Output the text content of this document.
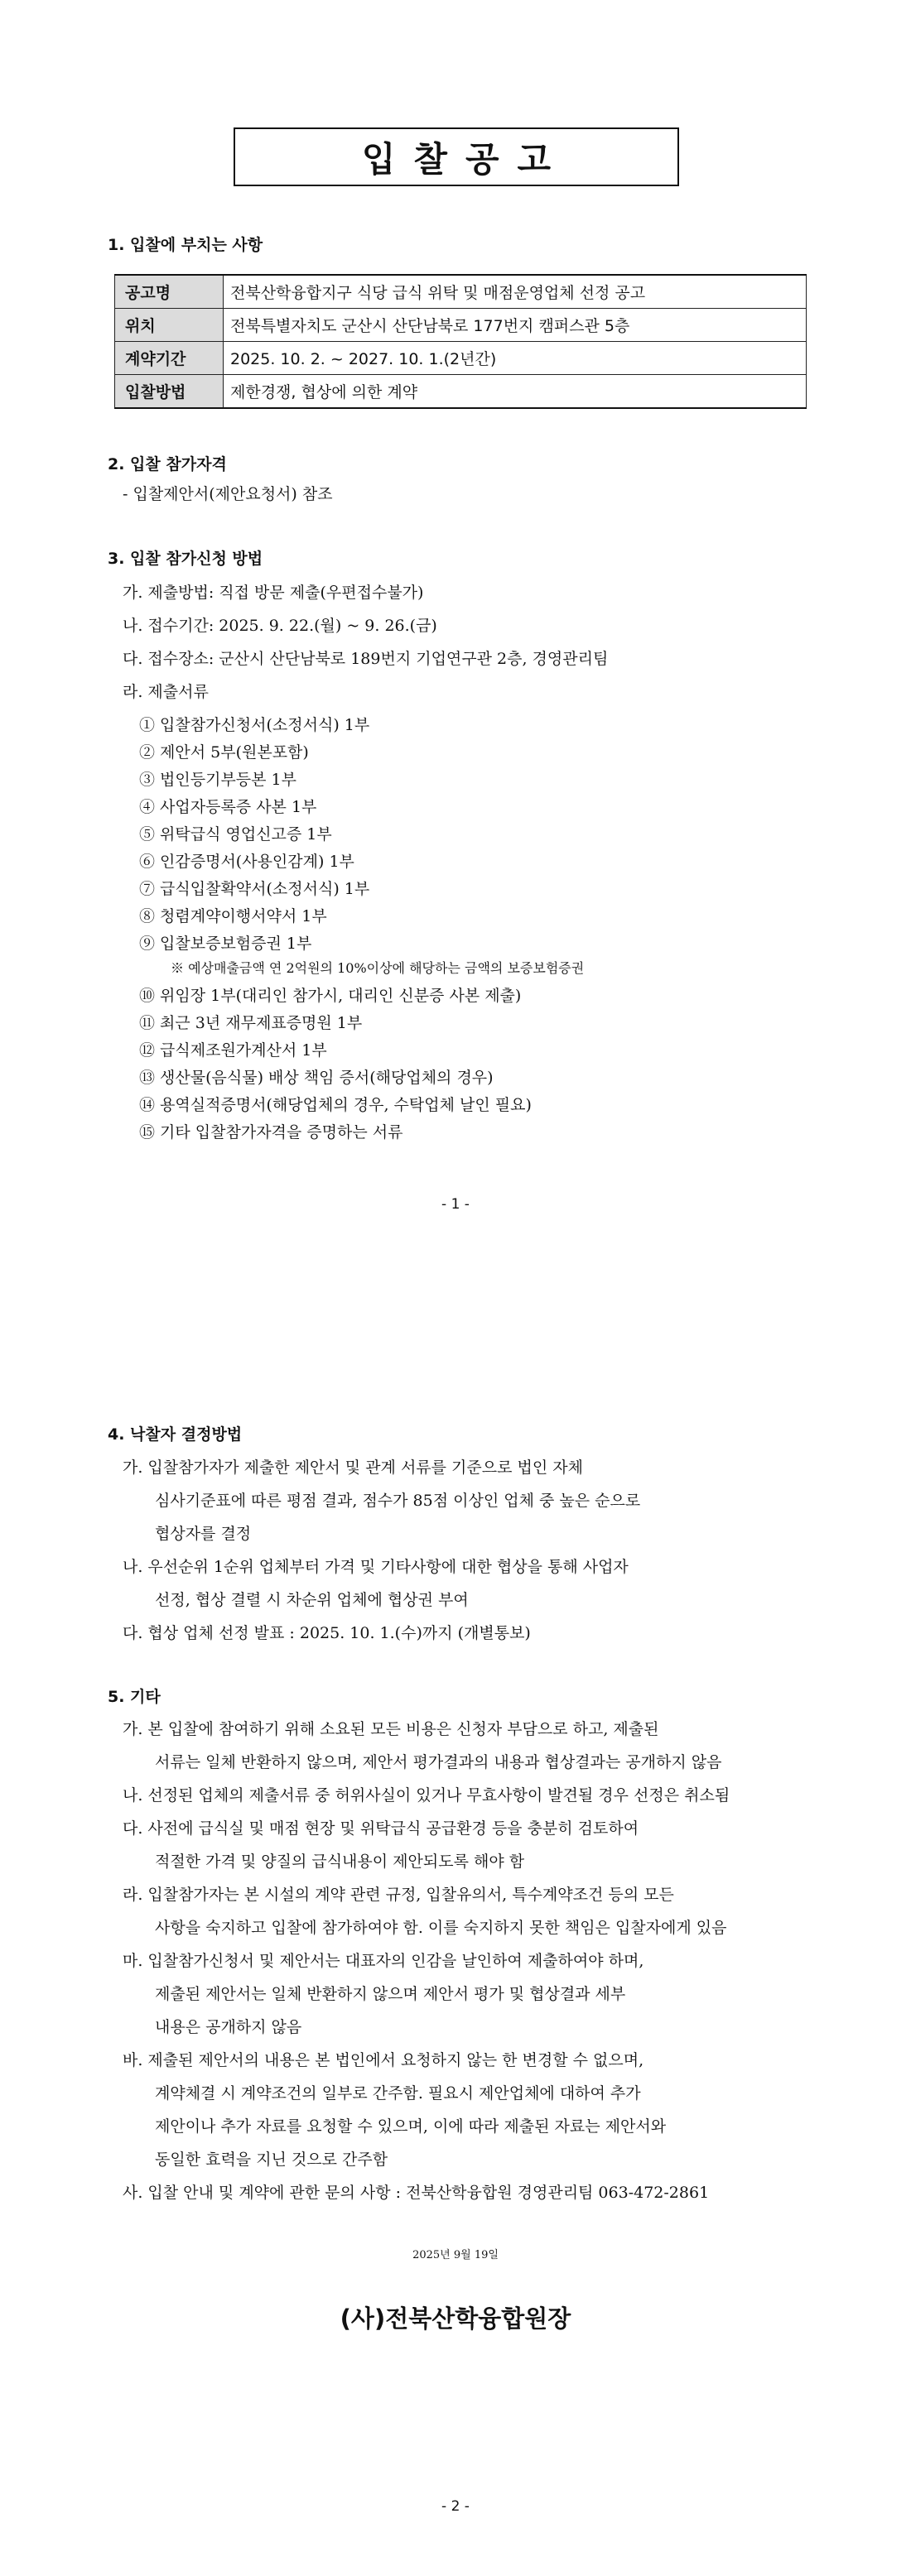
입찰공고
1. 입찰에 부치는 사항
공고명	전북산학융합지구 식당 급식 위탁 및 매점운영업체 선정 공고
위치	전북특별자치도 군산시 산단남북로 177번지 캠퍼스관 5층
계약기간	2025. 10. 2. ~ 2027. 10. 1.(2년간)
입찰방법	제한경쟁, 협상에 의한 계약
2. 입찰 참가자격
- 입찰제안서(제안요청서) 참조
3. 입찰 참가신청 방법
가. 제출방법: 직접 방문 제출(우편접수불가)
나. 접수기간: 2025. 9. 22.(월) ~ 9. 26.(금)
다. 접수장소: 군산시 산단남북로 189번지 기업연구관 2층, 경영관리팀
라. 제출서류
① 입찰참가신청서(소정서식) 1부
② 제안서 5부(원본포함)
③ 법인등기부등본 1부
④ 사업자등록증 사본 1부
⑤ 위탁급식 영업신고증 1부
⑥ 인감증명서(사용인감계) 1부
⑦ 급식입찰확약서(소정서식) 1부
⑧ 청렴계약이행서약서 1부
⑨ 입찰보증보험증권 1부
※ 예상매출금액 연 2억원의 10%이상에 해당하는 금액의 보증보험증권
⑩ 위임장 1부(대리인 참가시, 대리인 신분증 사본 제출)
⑪ 최근 3년 재무제표증명원 1부
⑫ 급식제조원가계산서 1부
⑬ 생산물(음식물) 배상 책임 증서(해당업체의 경우)
⑭ 용역실적증명서(해당업체의 경우, 수탁업체 날인 필요)
⑮ 기타 입찰참가자격을 증명하는 서류
- 1 -
4. 낙찰자 결정방법
가. 입찰참가자가 제출한 제안서 및 관계 서류를 기준으로 법인 자체
심사기준표에 따른 평점 결과, 점수가 85점 이상인 업체 중 높은 순으로
협상자를 결정
나. 우선순위 1순위 업체부터 가격 및 기타사항에 대한 협상을 통해 사업자
선정, 협상 결렬 시 차순위 업체에 협상권 부여
다. 협상 업체 선정 발표 : 2025. 10. 1.(수)까지 (개별통보)
5. 기타
가. 본 입찰에 참여하기 위해 소요된 모든 비용은 신청자 부담으로 하고, 제출된
서류는 일체 반환하지 않으며, 제안서 평가결과의 내용과 협상결과는 공개하지 않음
나. 선정된 업체의 제출서류 중 허위사실이 있거나 무효사항이 발견될 경우 선정은 취소됨
다. 사전에 급식실 및 매점 현장 및 위탁급식 공급환경 등을 충분히 검토하여
적절한 가격 및 양질의 급식내용이 제안되도록 해야 함
라. 입찰참가자는 본 시설의 계약 관련 규정, 입찰유의서, 특수계약조건 등의 모든
사항을 숙지하고 입찰에 참가하여야 함. 이를 숙지하지 못한 책임은 입찰자에게 있음
마. 입찰참가신청서 및 제안서는 대표자의 인감을 날인하여 제출하여야 하며,
제출된 제안서는 일체 반환하지 않으며 제안서 평가 및 협상결과 세부
내용은 공개하지 않음
바. 제출된 제안서의 내용은 본 법인에서 요청하지 않는 한 변경할 수 없으며,
계약체결 시 계약조건의 일부로 간주함. 필요시 제안업체에 대하여 추가
제안이나 추가 자료를 요청할 수 있으며, 이에 따라 제출된 자료는 제안서와
동일한 효력을 지닌 것으로 간주함
사. 입찰 안내 및 계약에 관한 문의 사항 : 전북산학융합원 경영관리팀 063-472-2861
2025년 9월 19일
(사)전북산학융합원장
- 2 -
